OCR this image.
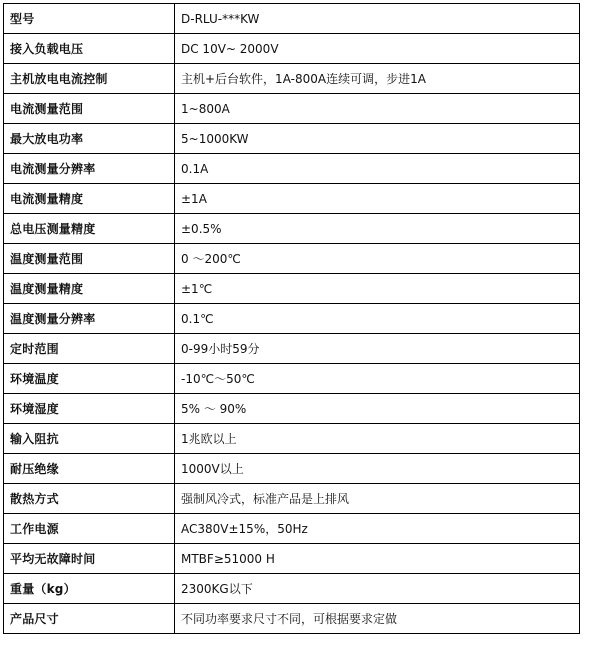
型号	D-RLU-***KW
接入负载电压	DC 10V~ 2000V
主机放电电流控制	主机+后台软件，1A-800A连续可调，步进1A
电流测量范围	1~800A
最大放电功率	5~1000KW
电流测量分辨率	0.1A
电流测量精度	±1A
总电压测量精度	±0.5%
温度测量范围	0 ～200℃
温度测量精度	±1℃
温度测量分辨率	0.1℃
定时范围	0-99小时59分
环境温度	-10℃～50℃
环境湿度	5% ～ 90%
输入阻抗	1兆欧以上
耐压绝缘	1000V以上
散热方式	强制风冷式，标准产品是上排风
工作电源	AC380V±15%，50Hz
平均无故障时间	MTBF≥51000 H
重量（kg）	2300KG以下
产品尺寸	不同功率要求尺寸不同，可根据要求定做
